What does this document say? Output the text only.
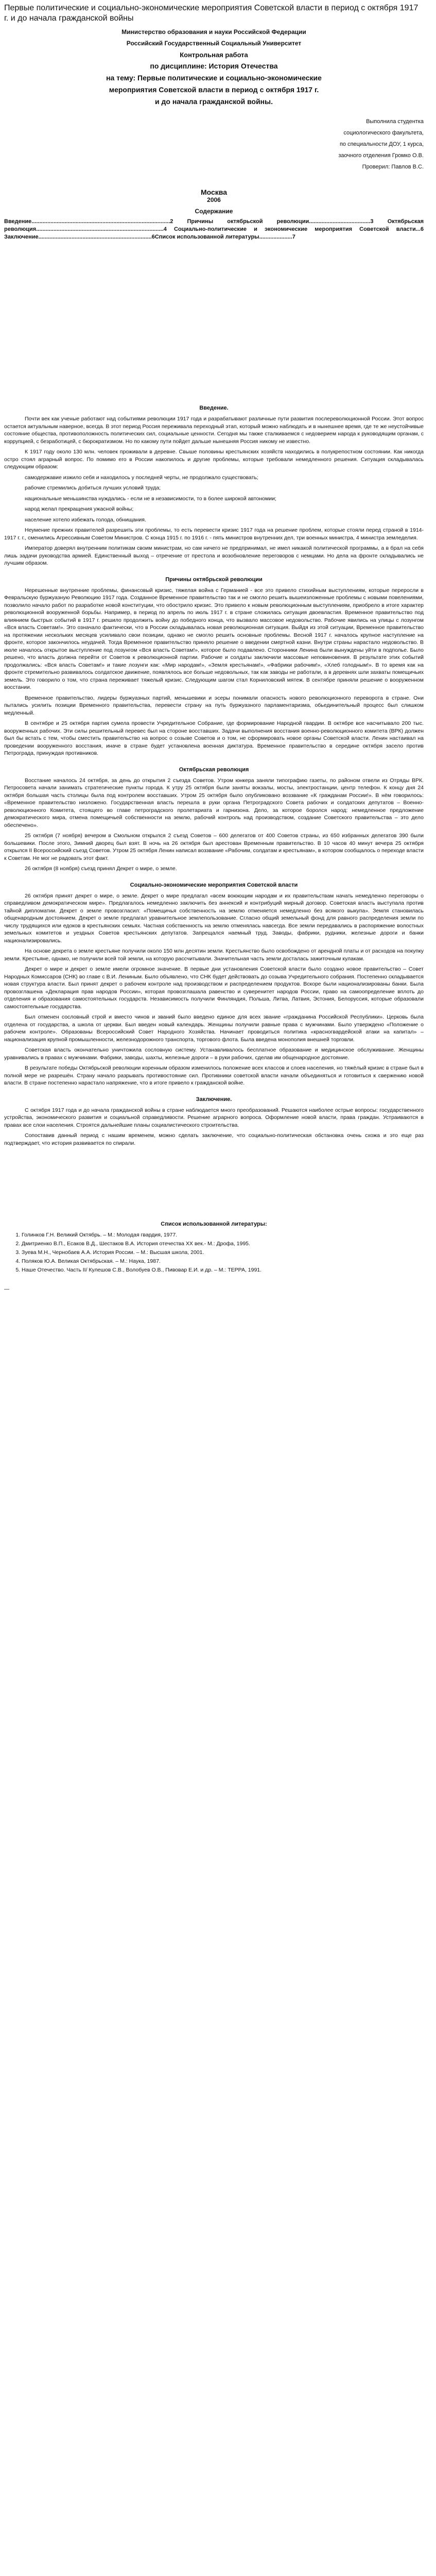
Первые политические и социально-экономические мероприятия Советской власти в период с октября 1917 г. и до начала гражданской войны
Министерство образования и науки Российской Федерации
Российский Государственный Социальный Университет
Контрольная работа
по дисциплине: История Отечества
на тему: Первые политические и социально-экономические
мероприятия Советской власти в период с октября 1917 г.
и до начала гражданской войны.
Выполнила студентка
социологического факультета,
по специальности ДОУ, 1 курса,
заочного отделения Громко О.В.
Проверил: Павлов В.С.
Москва
2006
Содержание
Введение........................................................................................2 Причины октябрьской революции.......................................3 Октябрьская революция.................................................................................4 Социально-политические и экономические мероприятия Советской власти...6 Заключение........................................................................6Список использованной литературы.....................7
Введение.

Почти век как ученые работают над событиями революции 1917 года и разрабатывают различные пути развития послереволюционной России. Этот вопрос остается актуальным наверное, всегда. В этот период Россия переживала переходный этап, который можно наблюдать и в нынешнее время, где те же неустойчивые состояние общества, противоположность политических сил, социальные ценности. Сегодня мы также сталкиваемся с недоверием народа к руководящим органам, с коррупцией, с безработицей, с бюрократизмом. Но по какому пути пойдет дальше нынешняя Россия никому не известно.

К 1917 году около 130 млн. человек проживали в деревне. Свыше половины крестьянских хозяйств находились в полукрепостном состоянии. Как никогда остро стоял аграрный вопрос. По помимо его в России накопилось и другие проблемы, которые требовали немедленного решения. Ситуация складывалась следующим образом:

самодержавие изжило себя и находилось у последней черты, не продолжало существовать;

рабочие стремились добиться лучших условий труда;

национальные меньшинства нуждались - если не в независимости, то в более широкой автономии;

народ желал прекращения ужасной войны;

население хотело избежать голода, обнищания.

Неумение прежних правителей разрешить эти проблемы, то есть перевести кризис 1917 года на решение проблем, которые стояли перед страной в 1914-1917 г. г., сменились Агрессивным Советом Министров. С конца 1915 г. по 1916 г. - пять министров внутренних дел, три военных министра, 4 министра земледелия.

Император доверял внутренним политикам своим министрам, но сам ничего не предпринимал, не имел никакой политической программы, а в брал на себя лишь задачи руководства армией. Единственный выход ‒ отречение от престола и возобновление переговоров с немцами. Но дела на фронте складывались не лучшим образом.

Причины октябрьской революции

Нерешенные внутренние проблемы, финансовый кризис, тяжелая война с Германией - все это привело стихийным выступлениям, которые переросли в Февральскую буржуазную Революцию 1917 года. Созданное Временное правительство так и не смогло решить вышеизложенные проблемы с новыми повелениями, позволило начало работ по разработке новой конституции, что обострило кризис. Это привело к новым революционным выступлениям, приобрело в итоге характер революционной вооруженной борьбы. Например, в период по апрель по июль 1917 г. в стране сложилась ситуация двоевластия. Временное правительство под влиянием быстрых событий в 1917 г. решило продолжить войну до победного конца, что вызвало массовое недовольство. Рабочие явились на улицы с лозунгом «Вся власть Советам!». Это означало фактически, что в России складывалась новая революционная ситуация. Выйдя из этой ситуации, Временное правительство на протяжении нескольких месяцев усиливало свои позиции, однако не смогло решить основные проблемы. Весной 1917 г. началось крупное наступление на фронте, которое закончилось неудачей. Тогда Временное правительство приняло решение о введении смертной казни. Внутри страны нарастало недовольство. В июле началось открытое выступление под лозунгом «Вся власть Советам!», которое было подавлено. Сторонники Ленина были вынуждены уйти в подполье. Было решено, что власть должна перейти от Советов к революционной партии. Рабочие и солдаты заключили массовые неповиновения. В результате этих событий продолжались: «Вся власть Советам!» и такие лозунги как: «Мир народам!», «Земля крестьянам!», «Фабрики рабочим!», «Хлеб голодным!». В то время как на фронте стремительно развивалось солдатское движение, появлялось все больше недовольных, так как заводы не работали, а в деревнях шли захваты помещичьих земель. Это говорило о том, что страна переживает тяжелый кризис. Следующим шагом стал Корниловский мятеж. В сентябре приняли решение о вооруженном восстании.

Временное правительство, лидеры буржуазных партий, меньшевики и эсеры понимали опасность нового революционного переворота в стране. Они пытались усилить позиции Временного правительства, перевести страну на путь буржуазного парламентаризма, обьединительный процесс был слишком медленный.

В сентябре и 25 октября партия сумела провести Учредительное Собрание, где формирование Народной гвардии. В октябре все насчитывало 200 тыс. вооруженных рабочих. Эти силы решительный перевес был на стороне восставших. Задачи выполнения восстания военно-революционного комитета (ВРК) должен был бы встать с тем, чтобы сместить правительство на вопрос о созыве Советов и о том, не сформировать новое органы Советской власти. Ленин настаивал на проведении вооруженного восстания, иначе в стране будет установлена военная диктатура. Временное правительство в середине октября засело против Петрограда, принуждая противников.

Октябрьская революция

Восстание началось 24 октября, за день до открытия 2 съезда Советов. Утром юнкера заняли типографию газеты, по районом отвели из Отряды ВРК. Петросовета начали занимать стратегические пункты города. К утру 25 октября были заняты вокзалы, мосты, электростанции, центр телефон. К концу дня 24 октября большая часть столицы была под контролем восставших. Утром 25 октября было опубликовано воззвание «К гражданам России!». В нём говорилось: «Временное правительство низложено. Государственная власть перешла в руки органа Петроградского Совета рабочих и солдатских депутатов – Военно-революционного Комитета, стоящего во главе петроградского пролетариата и гарнизона. Дело, за которое боролся народ: немедленное предложение демократического мира, отмена помещичьей собственности на землю, рабочий контроль над производством, создание Советского правительства – это дело обеспечено».

25 октября (7 ноября) вечером в Смольном открылся 2 съезд Советов – 600 делегатов от 400 Советов страны, из 650 избранных делегатов 390 были большевики. После этого, Зимний дворец был взят. В ночь на 26 октября был арестован Временным правительство. В 10 часов 40 минут вечера 25 октября открылся II Всероссийский съезд Советов. Утром 25 октября Ленин написал воззвание «Рабочим, солдатам и крестьянам», в котором сообщалось о переходе власти к Советам. Не мог не радовать этот факт.

26 октября (8 ноября) съезд принял Декрет о мире, о земле.

Социально-экономические мероприятия Советской власти

26 октября принят декрет о мире, о земле. Декрет о мире предлагал «всем воюющим народам и их правительствам начать немедленно переговоры о справедливом демократическом мире». Предлагалось немедленно заключить без аннексий и контрибуций мирный договор. Советская власть выступала против тайной дипломатии. Декрет о земле провозгласил: «Помещичья собственность на землю отменяется немедленно без всякого выкупа». Земля становилась общенародным достоянием. Декрет о земле предлагал уравнительное землепользование. Сгласно общий земельный фонд для равного распределения земли по числу трудящихся или едоков в крестьянских семьях. Частная собственность на землю отменялась навсегда. Все земли передавались в распоряжение волостных земельных комитетов и уездных Советов крестьянских депутатов. Запрещался наемный труд. Заводы, фабрики, рудники, железные дороги и банки национализировались.

На основе декрета о земле крестьяне получили около 150 млн десятин земли. Крестьянство было освобождено от арендной платы и от расходов на покупку земли. Крестьяне, однако, не получили всей той земли, на которую рассчитывали. Значительная часть земли досталась зажиточным кулакам.

Декрет о мире и декрет о земле имели огромное значение. В первые дни установления Советской власти было создано новое правительство – Совет Народных Комиссаров (СНК) во главе с В.И. Лениным. Было объявлено, что СНК будет действовать до созыва Учредительного собрания. Постепенно складывается новая структура власти. Был принят декрет о рабочем контроле над производством и распределением продуктов. Вскоре были национализированы банки. Была провозглашена «Декларация прав народов России», которая провозглашала равенство и суверенитет народов России, право на самоопределение вплоть до отделения и образования самостоятельных государств. Независимость получили Финляндия, Польша, Литва, Латвия, Эстония, Белоруссия, которые образовали самостоятельные государства.

Был отменен сословный строй и вместо чинов и званий было введено единое для всех звание «гражданина Российской Республики». Церковь была отделена от государства, а школа от церкви. Был введен новый календарь. Женщины получили равные права с мужчинами. Было утверждено «Положение о рабочем контроле». Образованы Всероссийский Совет Народного Хозяйства. Начинает проводиться политика «красногвардейской атаки на капитал» – национализация крупной промышленности, железнодорожного транспорта, торгового флота. Была введена монополия внешней торговли.

Советская власть окончательно уничтожила сословную систему. Устанавливалось бесплатное образование и медицинское обслуживание. Женщины уравнивались в правах с мужчинами. Фабрики, заводы, шахты, железные дороги – в руки рабочих, сделав им общенародное достояние.

В результате победы Октябрьской революции коренным образом изменилось положение всех классов и слоев населения, но тяжёлый кризис в стране был в полной мере не разрешён. Страну начало разрывать противостояние сил. Противники советской власти начали объединяться и готовиться к свержению новой власти. В стране постепенно нарастало напряжение, что в итоге привело к гражданской войне.

Заключение.

С октября 1917 года и до начала гражданской войны в стране наблюдается много преобразований. Решаются наиболее острые вопросы: государственного устройства, экономического развития и социальной справедливости. Решение аграрного вопроса. Оформление новой власти, права граждан. Устраиваются в правах все слои населения. Строятся дальнейшие планы социалистического строительства.

Сопоставив данный период с нашим временем, можно сделать заключение, что социально-политическая обстановка очень схожа и это еще раз подтверждает, что история развивается по спирали.

Список использованной литературы:
1. Голинков Г.Н. Великий Октябрь. – М.: Молодая гвардия, 1977.
2. Дмитриенко В.П., Есаков В.Д., Шестаков В.А. История отечества XX век.- М.: Дрофа, 1995.
3. Зуева М.Н., Чернобаев А.А. История России. – М.: Высшая школа, 2001.
4. Поляков Ю.А. Великая Октябрьская. – М.: Наука, 1987.
5. Наше Отечество. Часть II/ Кулешов С.В., Волобуев О.В., Пивовар Е.И. и др. – М.: ТЕРРА, 1991.
—
